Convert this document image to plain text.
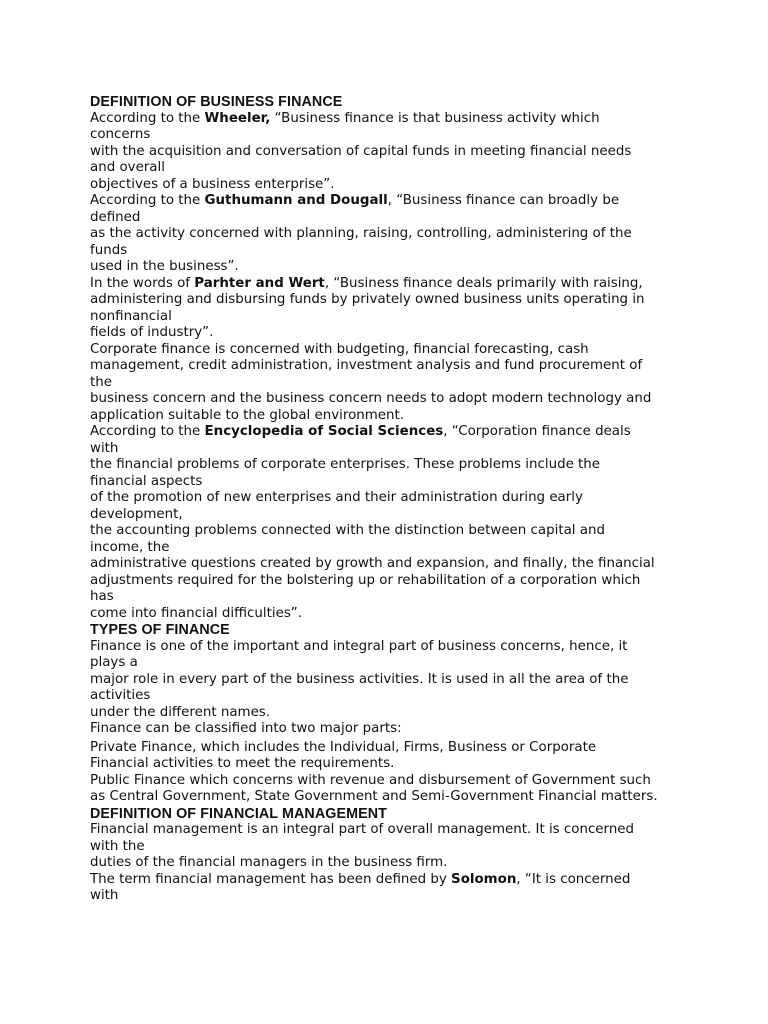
DEFINITION OF BUSINESS FINANCE
According to the Wheeler, “Business finance is that business activity which
concerns
with the acquisition and conversation of capital funds in meeting financial needs
and overall
objectives of a business enterprise”.
According to the Guthumann and Dougall, “Business finance can broadly be
defined
as the activity concerned with planning, raising, controlling, administering of the
funds
used in the business”.
In the words of Parhter and Wert, “Business finance deals primarily with raising,
administering and disbursing funds by privately owned business units operating in
nonfinancial
fields of industry”.
Corporate finance is concerned with budgeting, financial forecasting, cash
management, credit administration, investment analysis and fund procurement of
the
business concern and the business concern needs to adopt modern technology and
application suitable to the global environment.
According to the Encyclopedia of Social Sciences, “Corporation finance deals
with
the financial problems of corporate enterprises. These problems include the
financial aspects
of the promotion of new enterprises and their administration during early
development,
the accounting problems connected with the distinction between capital and
income, the
administrative questions created by growth and expansion, and finally, the financial
adjustments required for the bolstering up or rehabilitation of a corporation which
has
come into financial difficulties”.
TYPES OF FINANCE
Finance is one of the important and integral part of business concerns, hence, it
plays a
major role in every part of the business activities. It is used in all the area of the
activities
under the different names.
Finance can be classified into two major parts:
Private Finance, which includes the Individual, Firms, Business or Corporate
Financial activities to meet the requirements.
Public Finance which concerns with revenue and disbursement of Government such
as Central Government, State Government and Semi-Government Financial matters.
DEFINITION OF FINANCIAL MANAGEMENT
Financial management is an integral part of overall management. It is concerned
with the
duties of the financial managers in the business firm.
The term financial management has been defined by Solomon, “It is concerned
with
